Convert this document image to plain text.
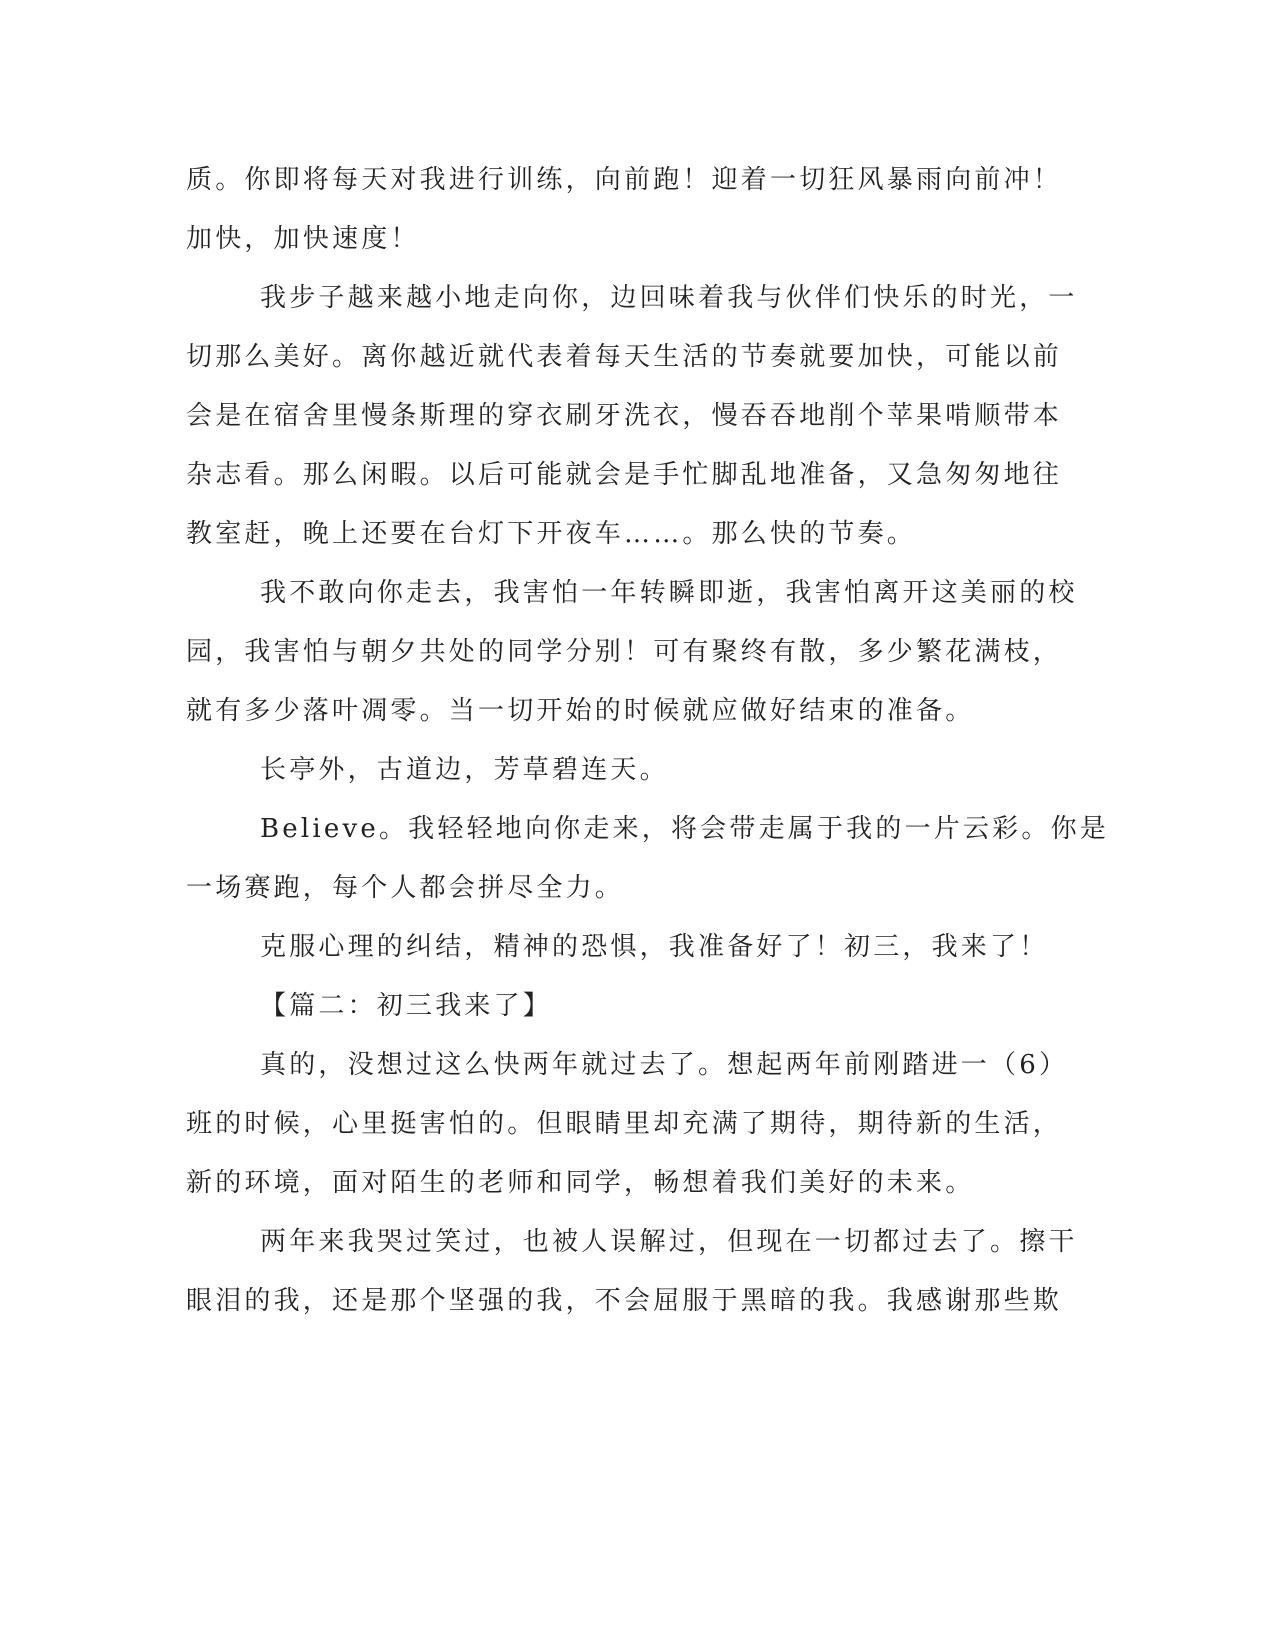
质。你即将每天对我进行训练，向前跑！迎着一切狂风暴雨向前冲！

加快，加快速度！

我步子越来越小地走向你，边回味着我与伙伴们快乐的时光，一

切那么美好。离你越近就代表着每天生活的节奏就要加快，可能以前

会是在宿舍里慢条斯理的穿衣刷牙洗衣，慢吞吞地削个苹果啃顺带本

杂志看。那么闲暇。以后可能就会是手忙脚乱地准备，又急匆匆地往

教室赶，晚上还要在台灯下开夜车……。那么快的节奏。

我不敢向你走去，我害怕一年转瞬即逝，我害怕离开这美丽的校

园，我害怕与朝夕共处的同学分别！可有聚终有散，多少繁花满枝，

就有多少落叶凋零。当一切开始的时候就应做好结束的准备。

长亭外，古道边，芳草碧连天。

Believe。我轻轻地向你走来，将会带走属于我的一片云彩。你是

一场赛跑，每个人都会拼尽全力。

克服心理的纠结，精神的恐惧，我准备好了！初三，我来了！

【篇二：初三我来了】

真的，没想过这么快两年就过去了。想起两年前刚踏进一（6）

班的时候，心里挺害怕的。但眼睛里却充满了期待，期待新的生活，

新的环境，面对陌生的老师和同学，畅想着我们美好的未来。

两年来我哭过笑过，也被人误解过，但现在一切都过去了。擦干

眼泪的我，还是那个坚强的我，不会屈服于黑暗的我。我感谢那些欺
